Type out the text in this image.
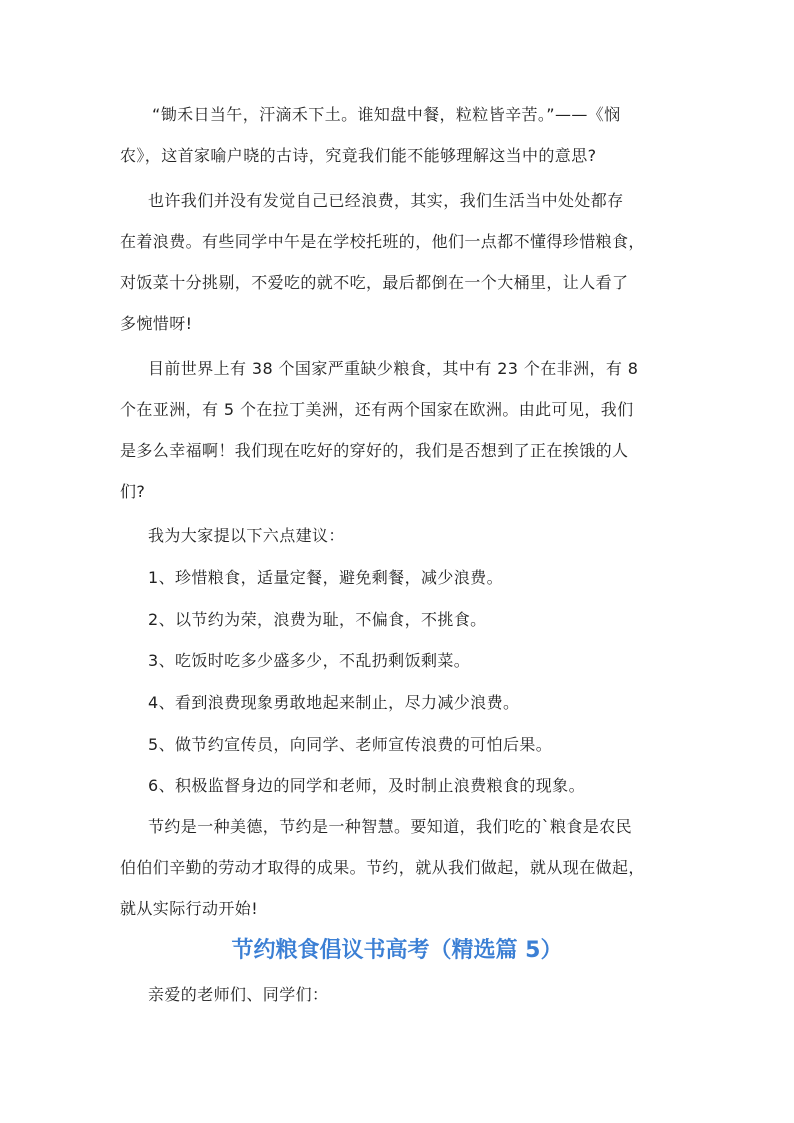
“锄禾日当午，汗滴禾下土。谁知盘中餐，粒粒皆辛苦。”——《悯
农》，这首家喻户晓的古诗，究竟我们能不能够理解这当中的意思?
也许我们并没有发觉自己已经浪费，其实，我们生活当中处处都存
在着浪费。有些同学中午是在学校托班的，他们一点都不懂得珍惜粮食，
对饭菜十分挑剔，不爱吃的就不吃，最后都倒在一个大桶里，让人看了
多惋惜呀!
目前世界上有 38 个国家严重缺少粮食，其中有 23 个在非洲，有 8
个在亚洲，有 5 个在拉丁美洲，还有两个国家在欧洲。由此可见，我们
是多么幸福啊！我们现在吃好的穿好的，我们是否想到了正在挨饿的人
们?
我为大家提以下六点建议：
1、珍惜粮食，适量定餐，避免剩餐，减少浪费。
2、以节约为荣，浪费为耻，不偏食，不挑食。
3、吃饭时吃多少盛多少，不乱扔剩饭剩菜。
4、看到浪费现象勇敢地起来制止，尽力减少浪费。
5、做节约宣传员，向同学、老师宣传浪费的可怕后果。
6、积极监督身边的同学和老师，及时制止浪费粮食的现象。
节约是一种美德，节约是一种智慧。要知道，我们吃的`粮食是农民
伯伯们辛勤的劳动才取得的成果。节约，就从我们做起，就从现在做起，
就从实际行动开始!
节约粮食倡议书高考（精选篇 5）
亲爱的老师们、同学们：
